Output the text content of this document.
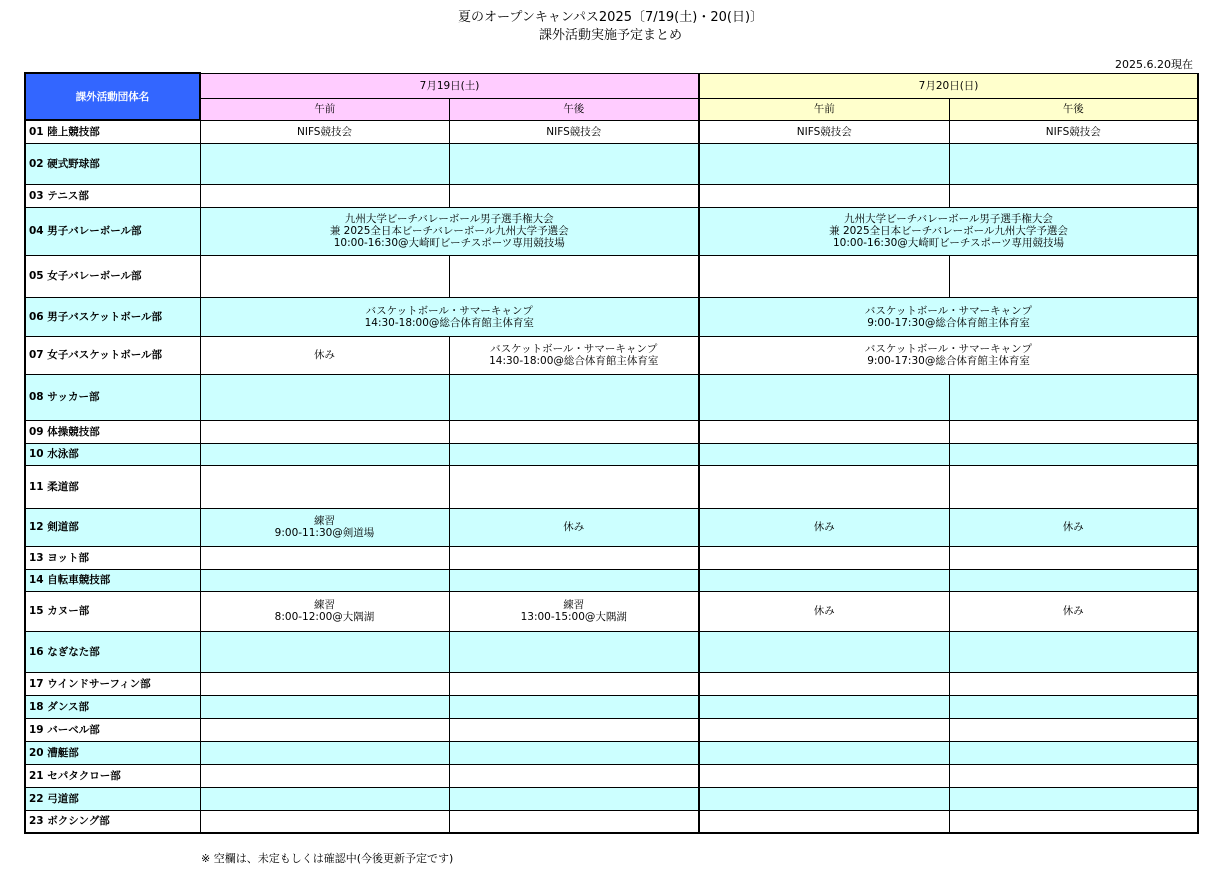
夏のオープンキャンパス2025〔7/19(土)・20(日)〕
課外活動実施予定まとめ
2025.6.20現在
課外活動団体名	7月19日(土)		7月20日(日)	
	午前	午後	午前	午後
01 陸上競技部	NIFS競技会	NIFS競技会	NIFS競技会	NIFS競技会
02 硬式野球部				
03 テニス部				
04 男子バレーボール部	九州大学ビーチバレーボール男子選手権大会
兼 2025全日本ビーチバレーボール九州大学予選会
10:00-16:30@大崎町ビーチスポーツ専用競技場		九州大学ビーチバレーボール男子選手権大会
兼 2025全日本ビーチバレーボール九州大学予選会
10:00-16:30@大崎町ビーチスポーツ専用競技場	

05 女子バレーボール部				
06 男子バスケットボール部	バスケットボール・サマーキャンプ
14:30-18:00@総合体育館主体育室		バスケットボール・サマーキャンプ
9:00-17:30@総合体育館主体育室	

07 女子バスケットボール部	休み	バスケットボール・サマーキャンプ
14:30-18:00@総合体育館主体育室	バスケットボール・サマーキャンプ
9:00-17:30@総合体育館主体育室	

08 サッカー部				
09 体操競技部				
10 水泳部				
11 柔道部				
12 剣道部	練習
9:00-11:30@剣道場	休み	休み	休み
13 ヨット部				
14 自転車競技部				
15 カヌー部	練習
8:00-12:00@大隅湖	練習
13:00-15:00@大隅湖	休み	休み
16 なぎなた部				
17 ウインドサーフィン部				
18 ダンス部				
19 バーベル部				
20 漕艇部				
21 セパタクロー部				
22 弓道部				
23 ボクシング部				
※ 空欄は、未定もしくは確認中(今後更新予定です)
